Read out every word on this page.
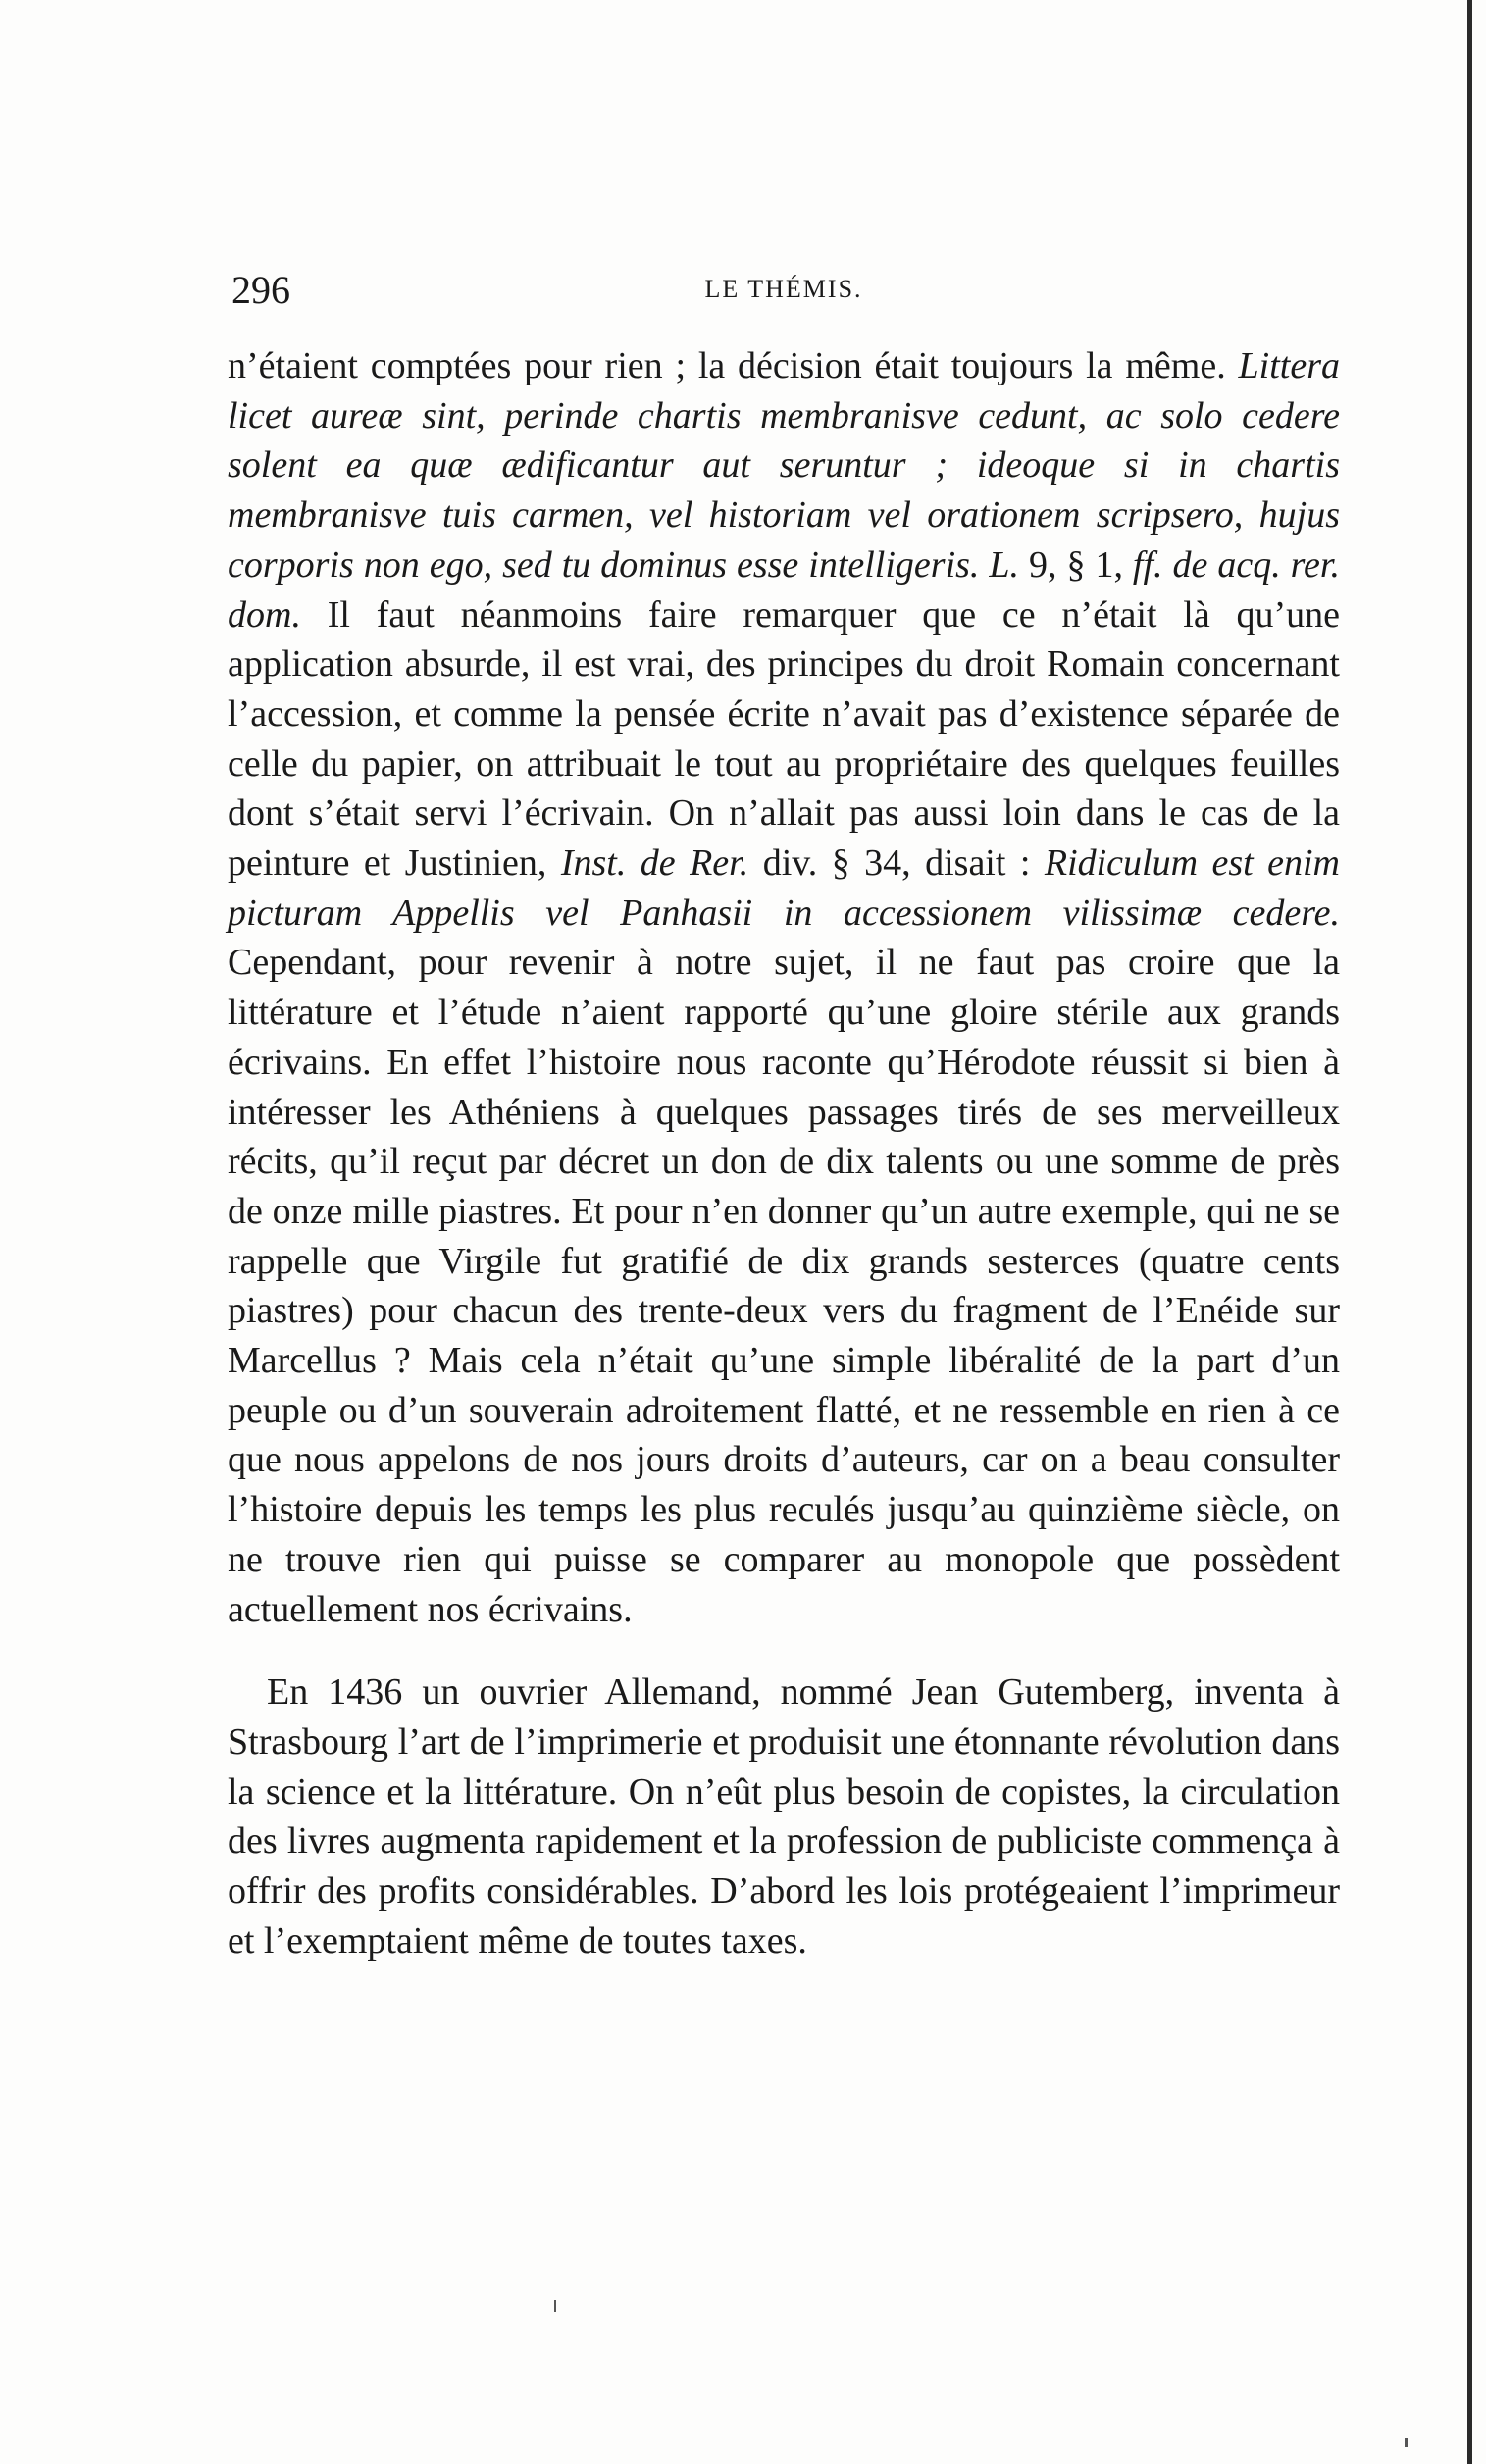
296	LE THÉMIS.

n’étaient comptées pour rien ; la décision était toujours la même. Littera licet aureæ sint, perinde chartis membranisve cedunt, ac solo cedere solent ea quæ ædificantur aut seruntur ; ideoque si in chartis membranisve tuis carmen, vel historiam vel orationem scripsero, hujus corporis non ego, sed tu dominus esse intelligeris. L. 9, § 1, ff. de acq. rer. dom. Il faut néanmoins faire remarquer que ce n’était là qu’une application absurde, il est vrai, des principes du droit Romain concernant l’accession, et comme la pensée écrite n’avait pas d’existence séparée de celle du papier, on attribuait le tout au propriétaire des quelques feuilles dont s’était servi l’écrivain. On n’allait pas aussi loin dans le cas de la peinture et Justinien, Inst. de Rer. div. § 34, disait : Ridiculum est enim picturam Appellis vel Panhasii in accessionem vilissimæ cedere. Cependant, pour revenir à notre sujet, il ne faut pas croire que la littérature et l’étude n’aient rapporté qu’une gloire stérile aux grands écrivains. En effet l’histoire nous raconte qu’Hérodote réussit si bien à intéresser les Athéniens à quelques passages tirés de ses merveilleux récits, qu’il reçut par décret un don de dix talents ou une somme de près de onze mille piastres. Et pour n’en donner qu’un autre exemple, qui ne se rappelle que Virgile fut gratifié de dix grands sesterces (quatre cents piastres) pour chacun des trente-deux vers du fragment de l’Enéide sur Marcellus ? Mais cela n’était qu’une simple libéralité de la part d’un peuple ou d’un souverain adroitement flatté, et ne ressemble en rien à ce que nous appelons de nos jours droits d’auteurs, car on a beau consulter l’histoire depuis les temps les plus reculés jusqu’au quinzième siècle, on ne trouve rien qui puisse se comparer au monopole que possèdent actuellement nos écrivains.

En 1436 un ouvrier Allemand, nommé Jean Gutemberg, inventa à Strasbourg l’art de l’imprimerie et produisit une étonnante révolution dans la science et la littérature. On n’eût plus besoin de copistes, la circulation des livres augmenta rapidement et la profession de publiciste commença à offrir des profits considérables. D’abord les lois protégeaient l’imprimeur et l’exemptaient même de toutes taxes.
